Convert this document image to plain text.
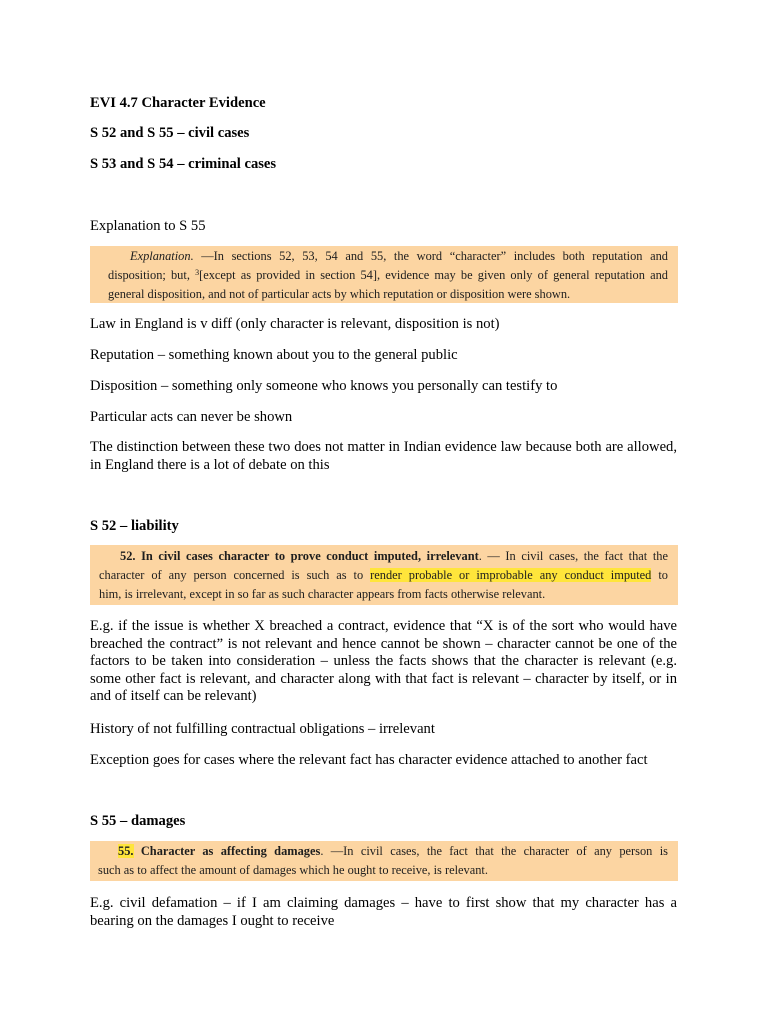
EVI 4.7 Character Evidence
S 52 and S 55 – civil cases
S 53 and S 54 – criminal cases
Explanation to S 55
Explanation. —In sections 52, 53, 54 and 55, the word “character” includes both reputation and
disposition; but, $^3$[except as provided in section 54], evidence may be given only of general reputation and
general disposition, and not of particular acts by which reputation or disposition were shown.
Law in England is v diff (only character is relevant, disposition is not)
Reputation – something known about you to the general public
Disposition – something only someone who knows you personally can testify to
Particular acts can never be shown
The distinction between these two does not matter in Indian evidence law because both are allowed, in England there is a lot of debate on this
S 52 – liability
52. In civil cases character to prove conduct imputed, irrelevant. — In civil cases, the fact that the
character of any person concerned is such as to render probable or improbable any conduct imputed to
him, is irrelevant, except in so far as such character appears from facts otherwise relevant.
E.g. if the issue is whether X breached a contract, evidence that “X is of the sort who would have breached the contract” is not relevant and hence cannot be shown – character cannot be one of the factors to be taken into consideration – unless the facts shows that the character is relevant (e.g. some other fact is relevant, and character along with that fact is relevant – character by itself, or in and of itself can be relevant)
History of not fulfilling contractual obligations – irrelevant
Exception goes for cases where the relevant fact has character evidence attached to another fact
S 55 – damages
55. Character as affecting damages. —In civil cases, the fact that the character of any person is
such as to affect the amount of damages which he ought to receive, is relevant.
E.g. civil defamation – if I am claiming damages – have to first show that my character has a bearing on the damages I ought to receive
